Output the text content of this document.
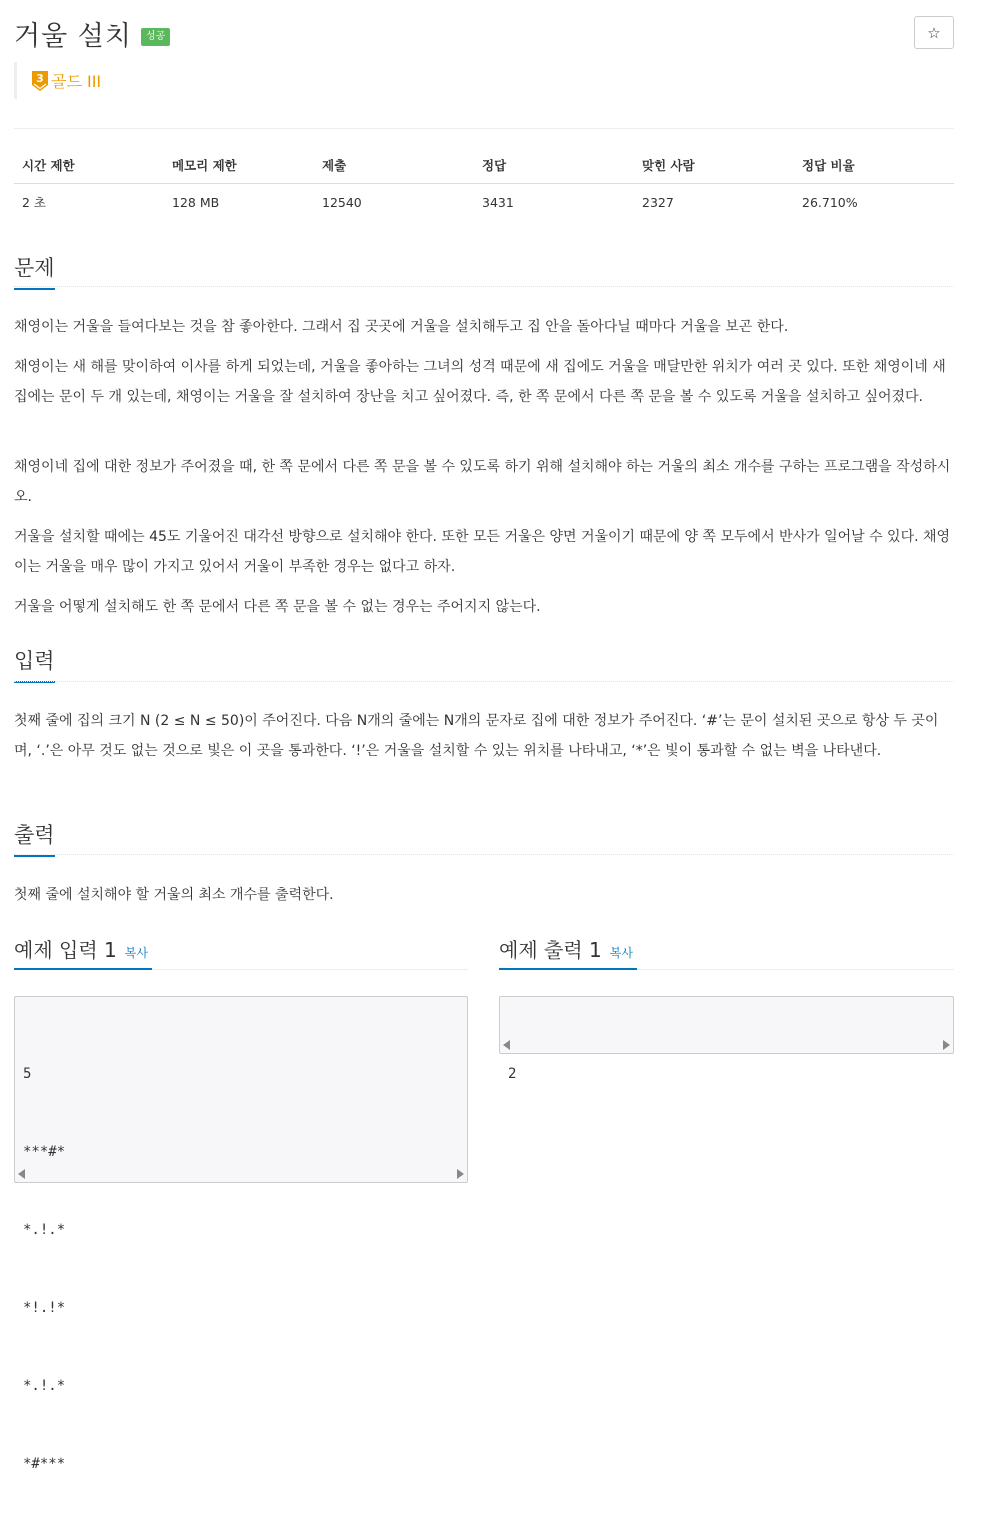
거울 설치	성공	☆
3 골드 III
시간 제한	메모리 제한	제출	정답	맞힌 사람	정답 비율
2 초	128 MB	12540	3431	2327	26.710%
문제
채영이는 거울을 들여다보는 것을 참 좋아한다. 그래서 집 곳곳에 거울을 설치해두고 집 안을 돌아다닐 때마다 거울을 보곤 한다.
채영이는 새 해를 맞이하여 이사를 하게 되었는데, 거울을 좋아하는 그녀의 성격 때문에 새 집에도 거울을 매달만한 위치가 여러 곳 있다. 또한 채영이네 새 집에는 문이 두 개 있는데, 채영이는 거울을 잘 설치하여 장난을 치고 싶어졌다. 즉, 한 쪽 문에서 다른 쪽 문을 볼 수 있도록 거울을 설치하고 싶어졌다.
채영이네 집에 대한 정보가 주어졌을 때, 한 쪽 문에서 다른 쪽 문을 볼 수 있도록 하기 위해 설치해야 하는 거울의 최소 개수를 구하는 프로그램을 작성하시오.
거울을 설치할 때에는 45도 기울어진 대각선 방향으로 설치해야 한다. 또한 모든 거울은 양면 거울이기 때문에 양 쪽 모두에서 반사가 일어날 수 있다. 채영이는 거울을 매우 많이 가지고 있어서 거울이 부족한 경우는 없다고 하자.
거울을 어떻게 설치해도 한 쪽 문에서 다른 쪽 문을 볼 수 없는 경우는 주어지지 않는다.
입력
첫째 줄에 집의 크기 N (2 ≤ N ≤ 50)이 주어진다. 다음 N개의 줄에는 N개의 문자로 집에 대한 정보가 주어진다. ‘#’는 문이 설치된 곳으로 항상 두 곳이며, ‘.’은 아무 것도 없는 것으로 빛은 이 곳을 통과한다. ‘!’은 거울을 설치할 수 있는 위치를 나타내고, ‘*’은 빛이 통과할 수 없는 벽을 나타낸다.
출력
첫째 줄에 설치해야 할 거울의 최소 개수를 출력한다.
예제 입력 1 복사

5

***#*

*.!.*

*!.!*

*.!.*

*#***

예제 출력 1 복사

2
